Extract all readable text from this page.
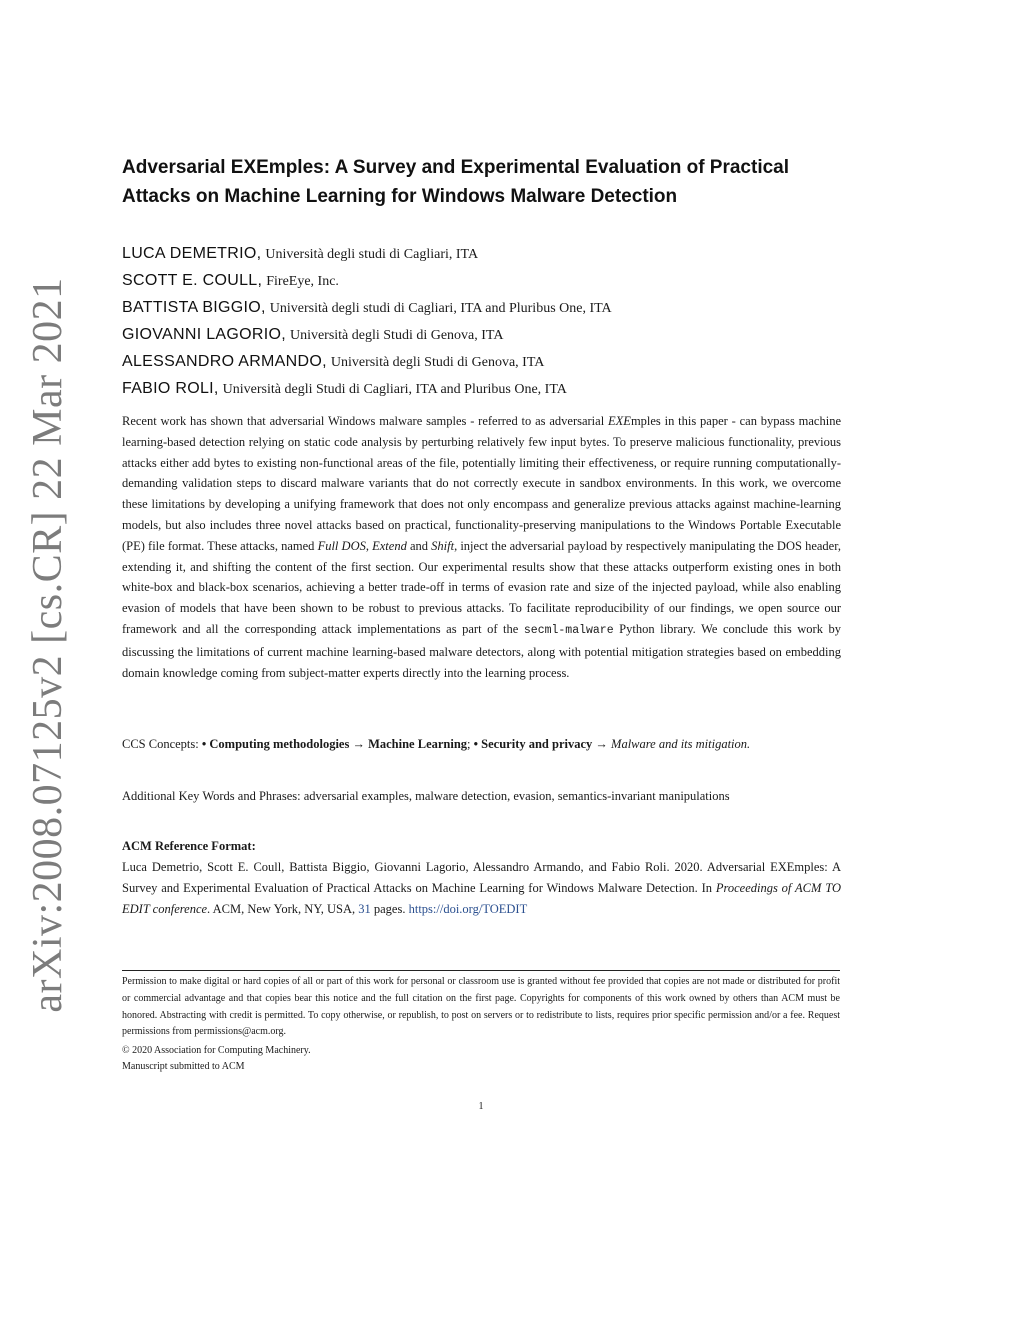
arXiv:2008.07125v2 [cs.CR] 22 Mar 2021
Adversarial EXEmples: A Survey and Experimental Evaluation of Practical
Attacks on Machine Learning for Windows Malware Detection
LUCA DEMETRIO, Università degli studi di Cagliari, ITA
SCOTT E. COULL, FireEye, Inc.
BATTISTA BIGGIO, Università degli studi di Cagliari, ITA and Pluribus One, ITA
GIOVANNI LAGORIO, Università degli Studi di Genova, ITA
ALESSANDRO ARMANDO, Università degli Studi di Genova, ITA
FABIO ROLI, Università degli Studi di Cagliari, ITA and Pluribus One, ITA
Recent work has shown that adversarial Windows malware samples - referred to as adversarial EXEmples in this paper - can bypass machine learning-based detection relying on static code analysis by perturbing relatively few input bytes. To preserve malicious functionality, previous attacks either add bytes to existing non-functional areas of the file, potentially limiting their effectiveness, or require running computationally-demanding validation steps to discard malware variants that do not correctly execute in sandbox environments. In this work, we overcome these limitations by developing a unifying framework that does not only encompass and generalize previous attacks against machine-learning models, but also includes three novel attacks based on practical, functionality-preserving manipulations to the Windows Portable Executable (PE) file format. These attacks, named Full DOS, Extend and Shift, inject the adversarial payload by respectively manipulating the DOS header, extending it, and shifting the content of the first section. Our experimental results show that these attacks outperform existing ones in both white-box and black-box scenarios, achieving a better trade-off in terms of evasion rate and size of the injected payload, while also enabling evasion of models that have been shown to be robust to previous attacks. To facilitate reproducibility of our findings, we open source our framework and all the corresponding attack implementations as part of the secml-malware Python library. We conclude this work by discussing the limitations of current machine learning-based malware detectors, along with potential mitigation strategies based on embedding domain knowledge coming from subject-matter experts directly into the learning process.
CCS Concepts: • Computing methodologies → Machine Learning; • Security and privacy → Malware and its mitigation.
Additional Key Words and Phrases: adversarial examples, malware detection, evasion, semantics-invariant manipulations
ACM Reference Format:
Luca Demetrio, Scott E. Coull, Battista Biggio, Giovanni Lagorio, Alessandro Armando, and Fabio Roli. 2020. Adversarial EXEmples: A Survey and Experimental Evaluation of Practical Attacks on Machine Learning for Windows Malware Detection. In Proceedings of ACM TO EDIT conference. ACM, New York, NY, USA, 31 pages. https://doi.org/TOEDIT
Permission to make digital or hard copies of all or part of this work for personal or classroom use is granted without fee provided that copies are not made or distributed for profit or commercial advantage and that copies bear this notice and the full citation on the first page. Copyrights for components of this work owned by others than ACM must be honored. Abstracting with credit is permitted. To copy otherwise, or republish, to post on servers or to redistribute to lists, requires prior specific permission and/or a fee. Request permissions from permissions@acm.org.
© 2020 Association for Computing Machinery.
Manuscript submitted to ACM
1
